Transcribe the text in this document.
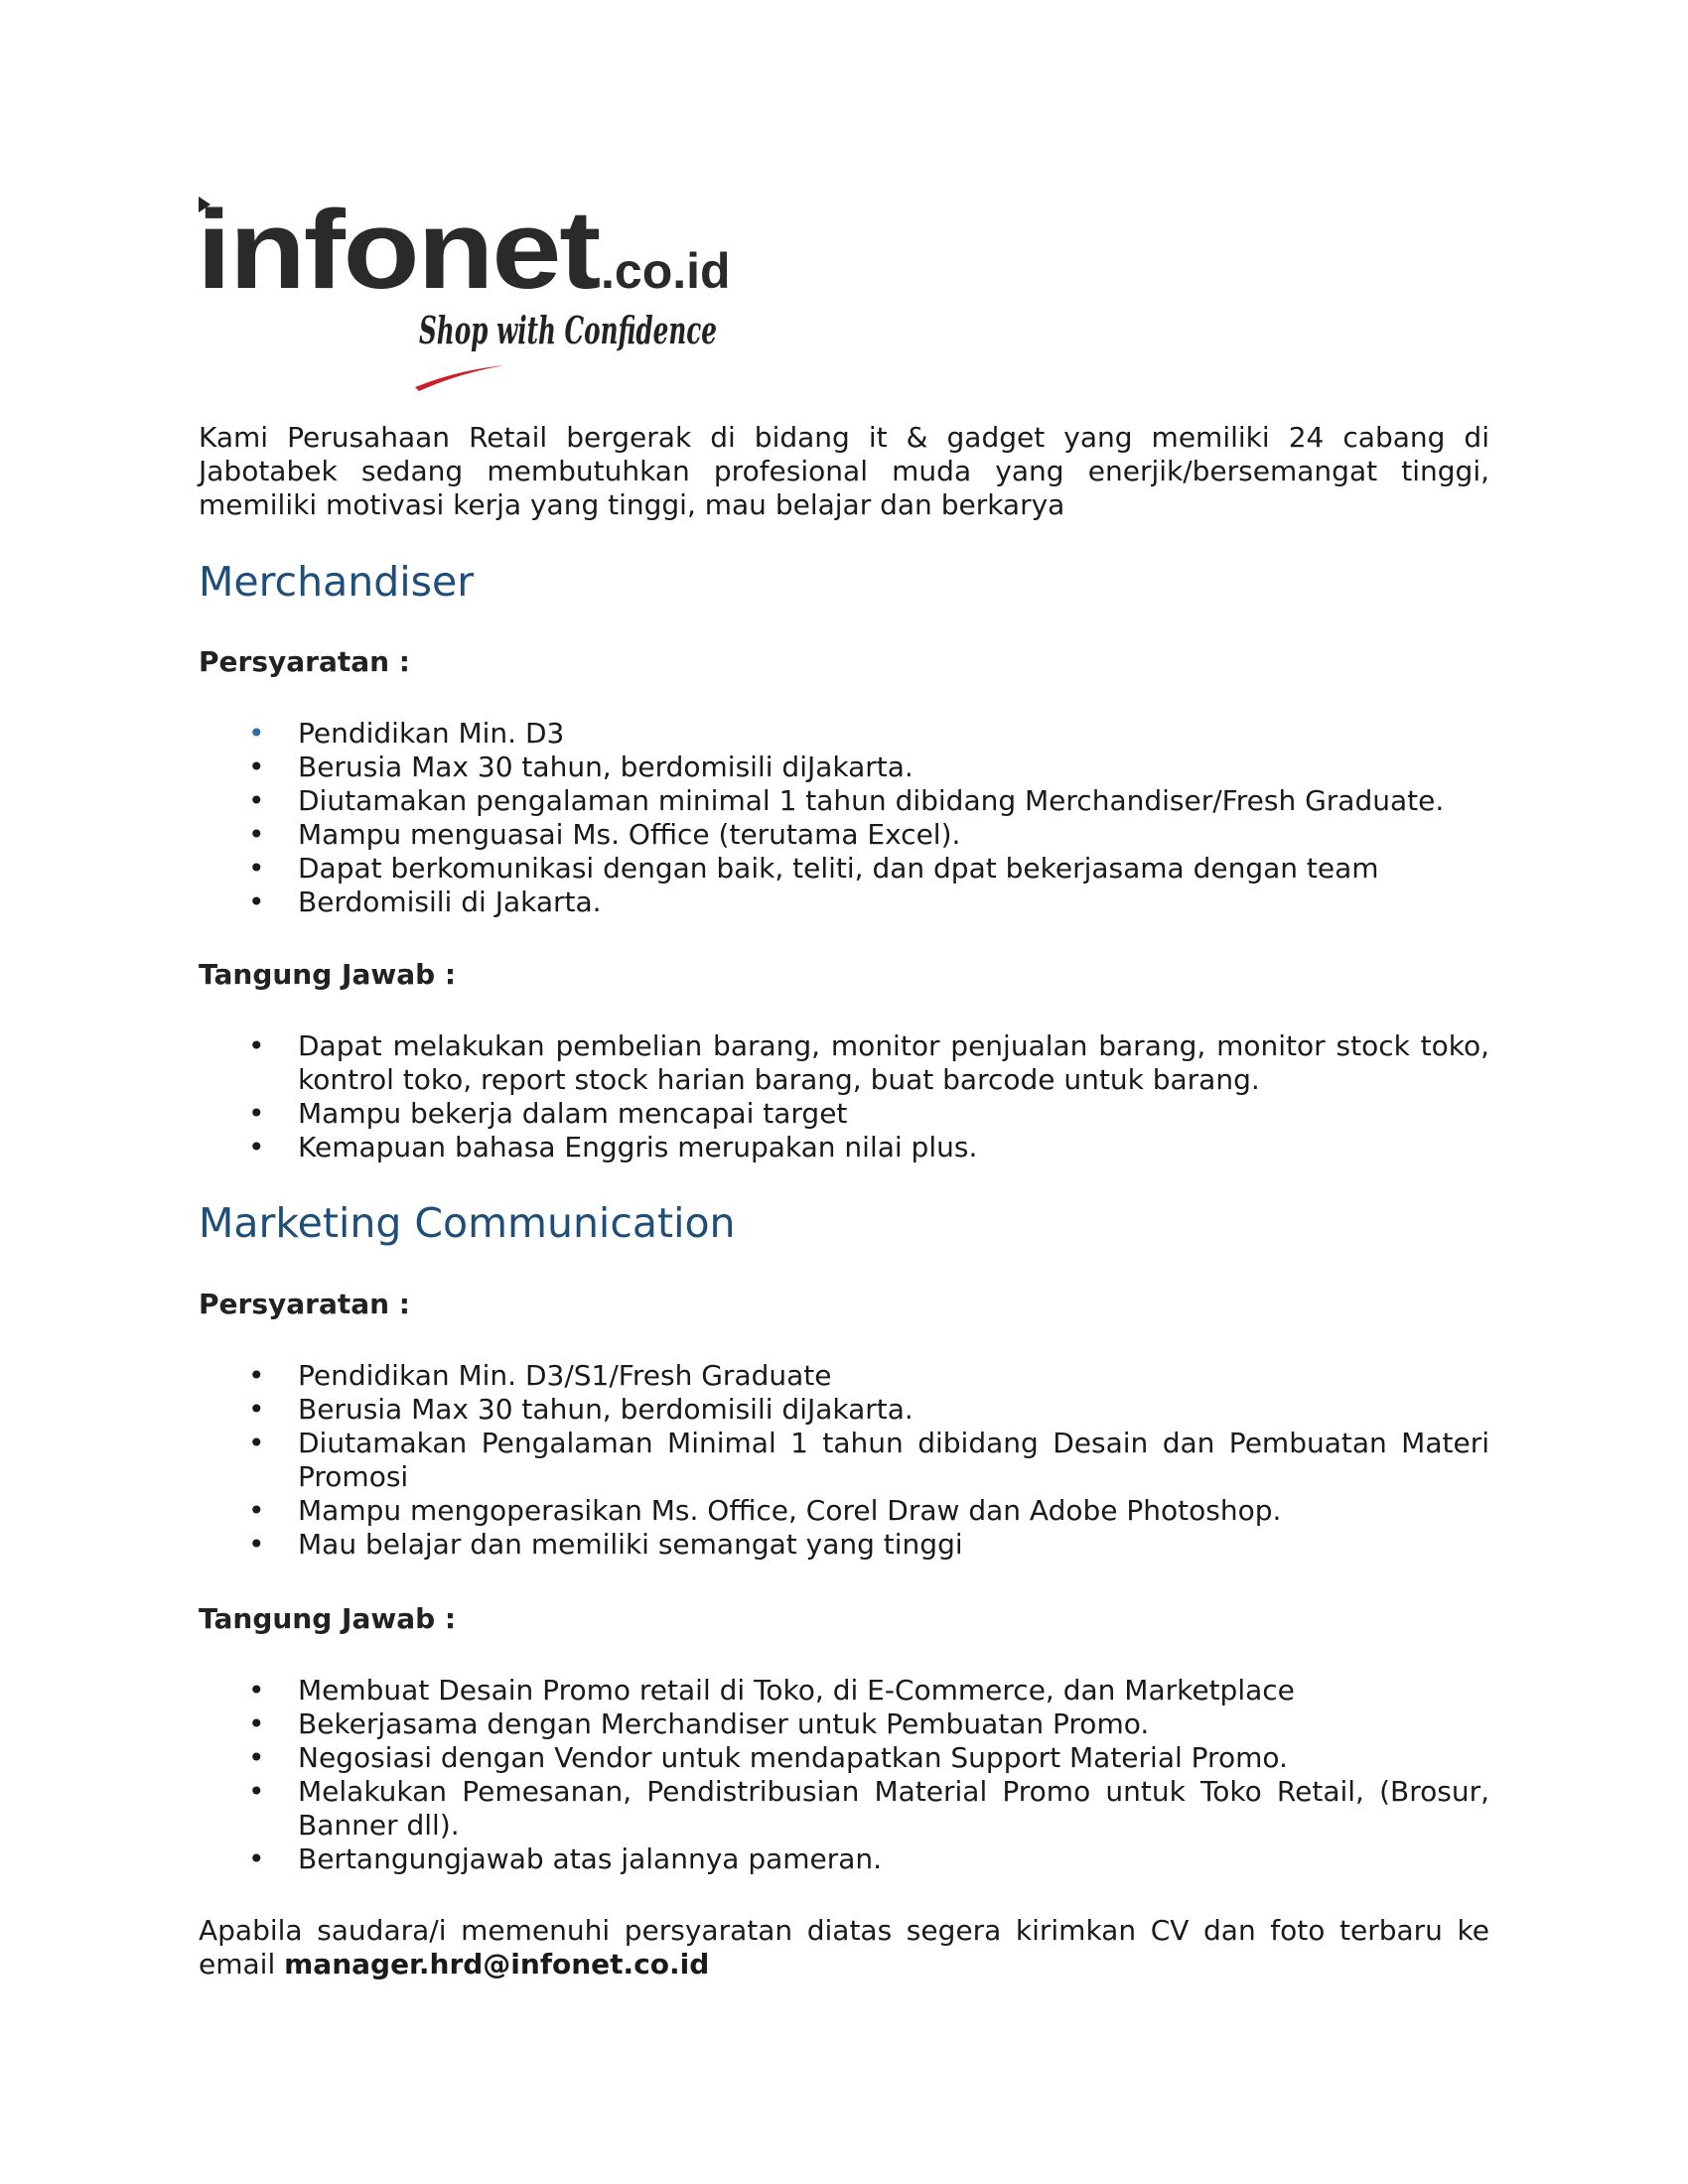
infonet .co.id
Shop with Confidence

Kami Perusahaan Retail bergerak di bidang it & gadget yang memiliki 24 cabang di Jabotabek sedang membutuhkan profesional muda yang enerjik/bersemangat tinggi, memiliki motivasi kerja yang tinggi, mau belajar dan berkarya

Merchandiser
Persyaratan :
• Pendidikan Min. D3
• Berusia Max 30 tahun, berdomisili diJakarta.
• Diutamakan pengalaman minimal 1 tahun dibidang Merchandiser/Fresh Graduate.
• Mampu menguasai Ms. Office (terutama Excel).
• Dapat berkomunikasi dengan baik, teliti, dan dpat bekerjasama dengan team
• Berdomisili di Jakarta.
Tangung Jawab :
• Dapat melakukan pembelian barang, monitor penjualan barang, monitor stock toko, kontrol toko, report stock harian barang, buat barcode untuk barang.
• Mampu bekerja dalam mencapai target
• Kemapuan bahasa Enggris merupakan nilai plus.
Marketing Communication
Persyaratan :
• Pendidikan Min. D3/S1/Fresh Graduate
• Berusia Max 30 tahun, berdomisili diJakarta.
• Diutamakan Pengalaman Minimal 1 tahun dibidang Desain dan Pembuatan Materi Promosi
• Mampu mengoperasikan Ms. Office, Corel Draw dan Adobe Photoshop.
• Mau belajar dan memiliki semangat yang tinggi
Tangung Jawab :
• Membuat Desain Promo retail di Toko, di E-Commerce, dan Marketplace
• Bekerjasama dengan Merchandiser untuk Pembuatan Promo.
• Negosiasi dengan Vendor untuk mendapatkan Support Material Promo.
• Melakukan Pemesanan, Pendistribusian Material Promo untuk Toko Retail, (Brosur, Banner dll).
• Bertangungjawab atas jalannya pameran.

Apabila saudara/i memenuhi persyaratan diatas segera kirimkan CV dan foto terbaru ke email manager.hrd@infonet.co.id
